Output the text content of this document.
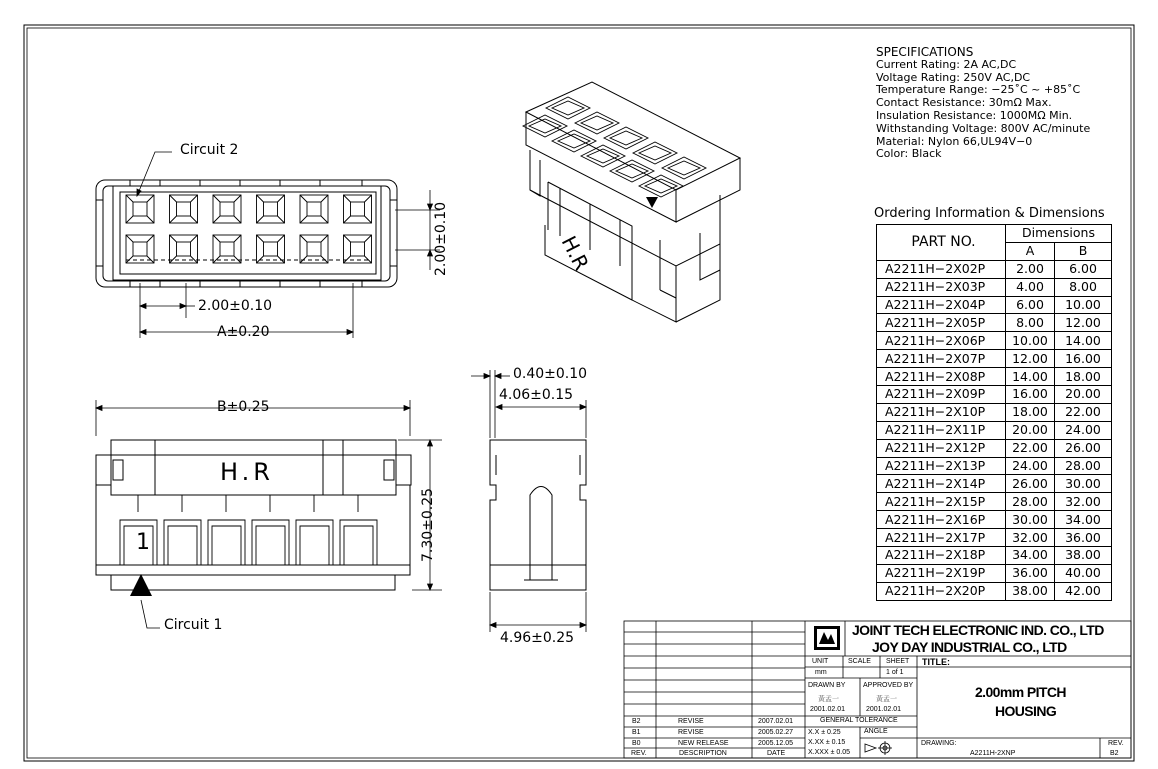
SPECIFICATIONS
Current Rating: 2A AC,DC
Voltage Rating: 250V AC,DC
Temperature Range: −25˚C ~ +85˚C
Contact Resistance: 30mΩ Max.
Insulation Resistance: 1000MΩ Min.
Withstanding Voltage: 800V AC/minute
Material: Nylon 66,UL94V−0
Color: Black
Ordering Information & Dimensions
PART NO.	Dimensions	
	A	B
A2211H−2X02P	2.00	6.00
A2211H−2X03P	4.00	8.00
A2211H−2X04P	6.00	10.00
A2211H−2X05P	8.00	12.00
A2211H−2X06P	10.00	14.00
A2211H−2X07P	12.00	16.00
A2211H−2X08P	14.00	18.00
A2211H−2X09P	16.00	20.00
A2211H−2X10P	18.00	22.00
A2211H−2X11P	20.00	24.00
A2211H−2X12P	22.00	26.00
A2211H−2X13P	24.00	28.00
A2211H−2X14P	26.00	30.00
A2211H−2X15P	28.00	32.00
A2211H−2X16P	30.00	34.00
A2211H−2X17P	32.00	36.00
A2211H−2X18P	34.00	38.00
A2211H−2X19P	36.00	40.00
A2211H−2X20P	38.00	42.00
Circuit 2
2.00±0.10
A±0.20
2.00±0.10
B±0.25
7.30±0.25
H.R
1
Circuit 1
0.40±0.10
4.06±0.15
4.96±0.25
H.R
JOINT TECH ELECTRONIC IND. CO., LTD
JOY DAY INDUSTRIAL CO., LTD
UNIT
mm
SCALE SHEET
1 of 1
TITLE:
2.00mm PITCH
HOUSING
DRAWN BY	APPROVED BY
黃孟一	黃孟一
2001.02.01	2001.02.01
GENERAL TOLERANCE
X.X ± 0.25
X.XX ± 0.15
X.XXX ± 0.05
ANGLE
DRAWING:
A2211H-2XNP
REV.
B2
B2	REVISE	2007.02.01
B1	REVISE	2005.02.27
B0	NEW RELEASE	2005.12.05
REV.	DESCRIPTION	DATE
